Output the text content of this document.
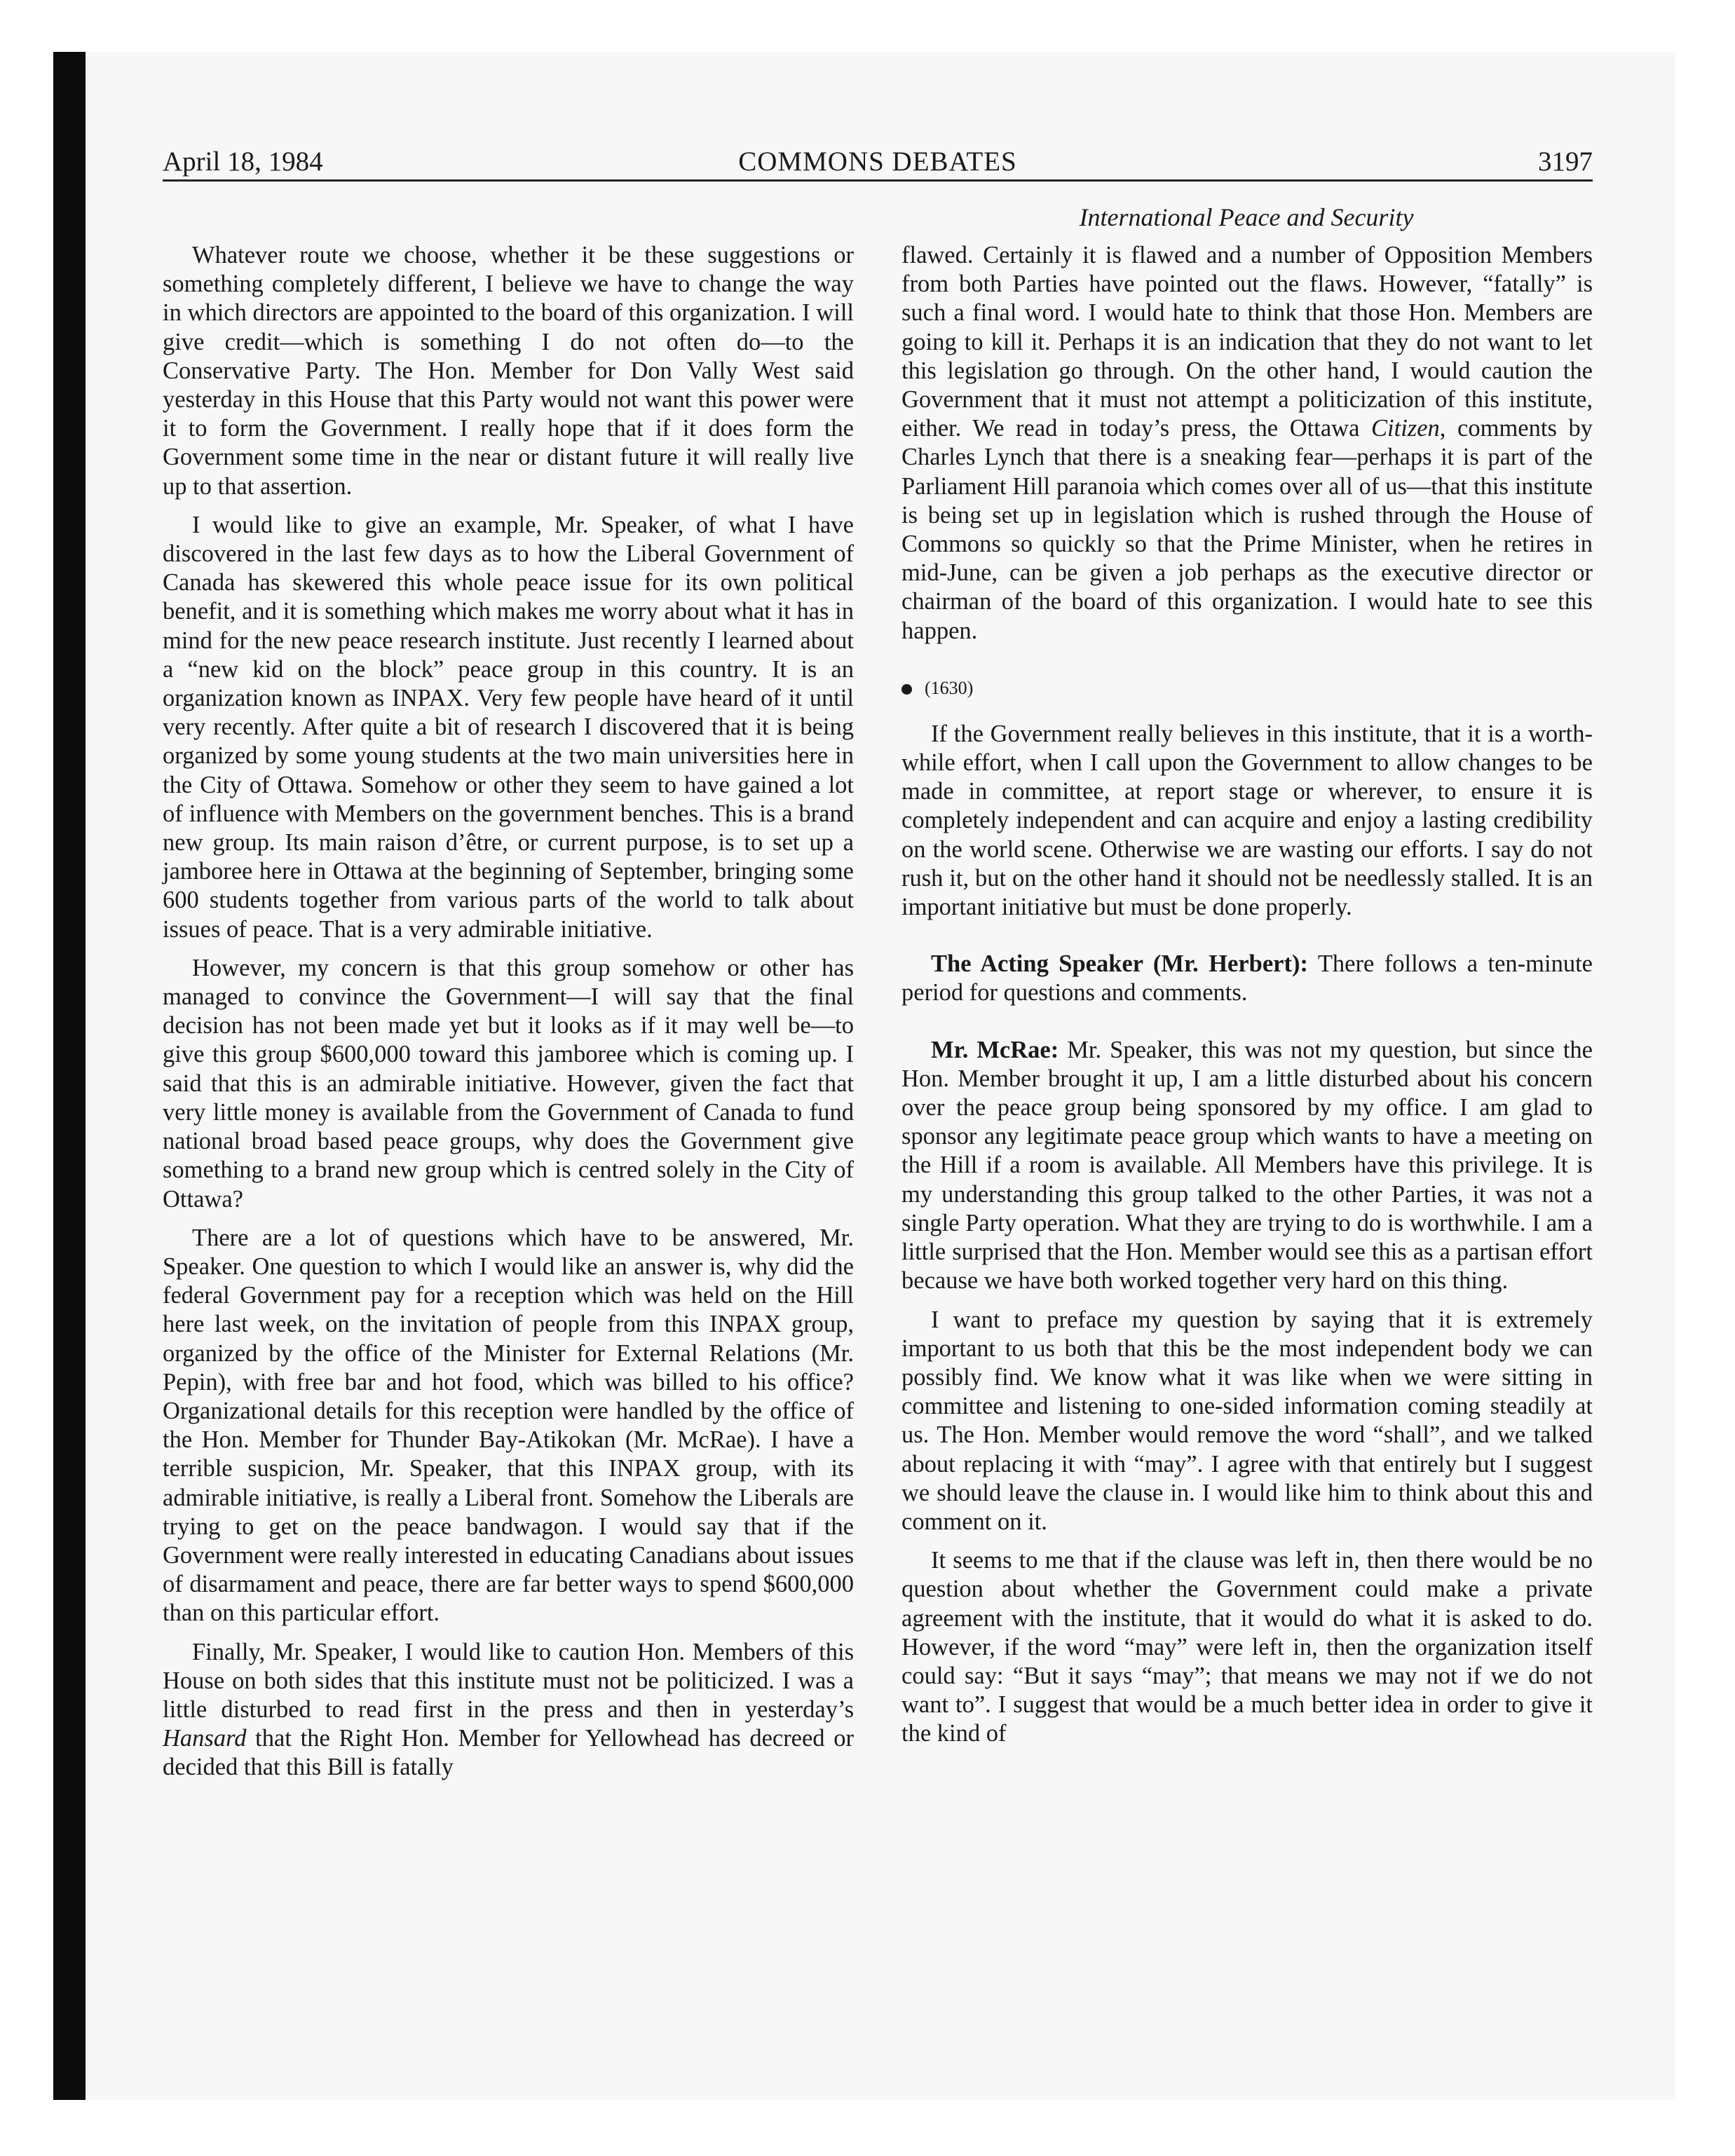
April 18, 1984	COMMONS DEBATES	3197
International Peace and Security

Whatever route we choose, whether it be these suggestions or something completely different, I believe we have to change the way in which directors are appointed to the board of this organization. I will give credit—which is something I do not often do—to the Conservative Party. The Hon. Member for Don Vally West said yesterday in this House that this Party would not want this power were it to form the Government. I really hope that if it does form the Government some time in the near or distant future it will really live up to that assertion.

I would like to give an example, Mr. Speaker, of what I have discovered in the last few days as to how the Liberal Government of Canada has skewered this whole peace issue for its own political benefit, and it is something which makes me worry about what it has in mind for the new peace research institute. Just recently I learned about a “new kid on the block” peace group in this country. It is an organization known as INPAX. Very few people have heard of it until very recently. After quite a bit of research I discovered that it is being organized by some young students at the two main universities here in the City of Ottawa. Somehow or other they seem to have gained a lot of influence with Members on the government benches. This is a brand new group. Its main raison d’être, or current purpose, is to set up a jamboree here in Ottawa at the beginning of September, bringing some 600 students together from various parts of the world to talk about issues of peace. That is a very admirable initiative.

However, my concern is that this group somehow or other has managed to convince the Government—I will say that the final decision has not been made yet but it looks as if it may well be—to give this group $600,000 toward this jamboree which is coming up. I said that this is an admirable initiative. However, given the fact that very little money is available from the Government of Canada to fund national broad based peace groups, why does the Government give something to a brand new group which is centred solely in the City of Ottawa?

There are a lot of questions which have to be answered, Mr. Speaker. One question to which I would like an answer is, why did the federal Government pay for a reception which was held on the Hill here last week, on the invitation of people from this INPAX group, organized by the office of the Minister for External Relations (Mr. Pepin), with free bar and hot food, which was billed to his office? Organizational details for this reception were handled by the office of the Hon. Member for Thunder Bay-Atikokan (Mr. McRae). I have a terrible suspicion, Mr. Speaker, that this INPAX group, with its admirable initiative, is really a Liberal front. Somehow the Liberals are trying to get on the peace bandwagon. I would say that if the Government were really interested in educating Canadians about issues of disarmament and peace, there are far better ways to spend $600,000 than on this particular effort.

Finally, Mr. Speaker, I would like to caution Hon. Members of this House on both sides that this institute must not be politicized. I was a little disturbed to read first in the press and then in yesterday’s Hansard that the Right Hon. Member for Yellowhead has decreed or decided that this Bill is fatally

flawed. Certainly it is flawed and a number of Opposition Members from both Parties have pointed out the flaws. However, “fatally” is such a final word. I would hate to think that those Hon. Members are going to kill it. Perhaps it is an indication that they do not want to let this legislation go through. On the other hand, I would caution the Government that it must not attempt a politicization of this institute, either. We read in today’s press, the Ottawa Citizen, comments by Charles Lynch that there is a sneaking fear—perhaps it is part of the Parliament Hill paranoia which comes over all of us—that this institute is being set up in legislation which is rushed through the House of Commons so quickly so that the Prime Minister, when he retires in mid-June, can be given a job perhaps as the executive director or chairman of the board of this organization. I would hate to see this happen.

(1630)

If the Government really believes in this institute, that it is a worth-while effort, when I call upon the Government to allow changes to be made in committee, at report stage or wherever, to ensure it is completely independent and can acquire and enjoy a lasting credibility on the world scene. Otherwise we are wasting our efforts. I say do not rush it, but on the other hand it should not be needlessly stalled. It is an important initiative but must be done properly.

The Acting Speaker (Mr. Herbert): There follows a ten-minute period for questions and comments.

Mr. McRae: Mr. Speaker, this was not my question, but since the Hon. Member brought it up, I am a little disturbed about his concern over the peace group being sponsored by my office. I am glad to sponsor any legitimate peace group which wants to have a meeting on the Hill if a room is available. All Members have this privilege. It is my understanding this group talked to the other Parties, it was not a single Party operation. What they are trying to do is worthwhile. I am a little surprised that the Hon. Member would see this as a partisan effort because we have both worked together very hard on this thing.

I want to preface my question by saying that it is extremely important to us both that this be the most independent body we can possibly find. We know what it was like when we were sitting in committee and listening to one-sided information coming steadily at us. The Hon. Member would remove the word “shall”, and we talked about replacing it with “may”. I agree with that entirely but I suggest we should leave the clause in. I would like him to think about this and comment on it.

It seems to me that if the clause was left in, then there would be no question about whether the Government could make a private agreement with the institute, that it would do what it is asked to do. However, if the word “may” were left in, then the organization itself could say: “But it says “may”; that means we may not if we do not want to”. I suggest that would be a much better idea in order to give it the kind of
